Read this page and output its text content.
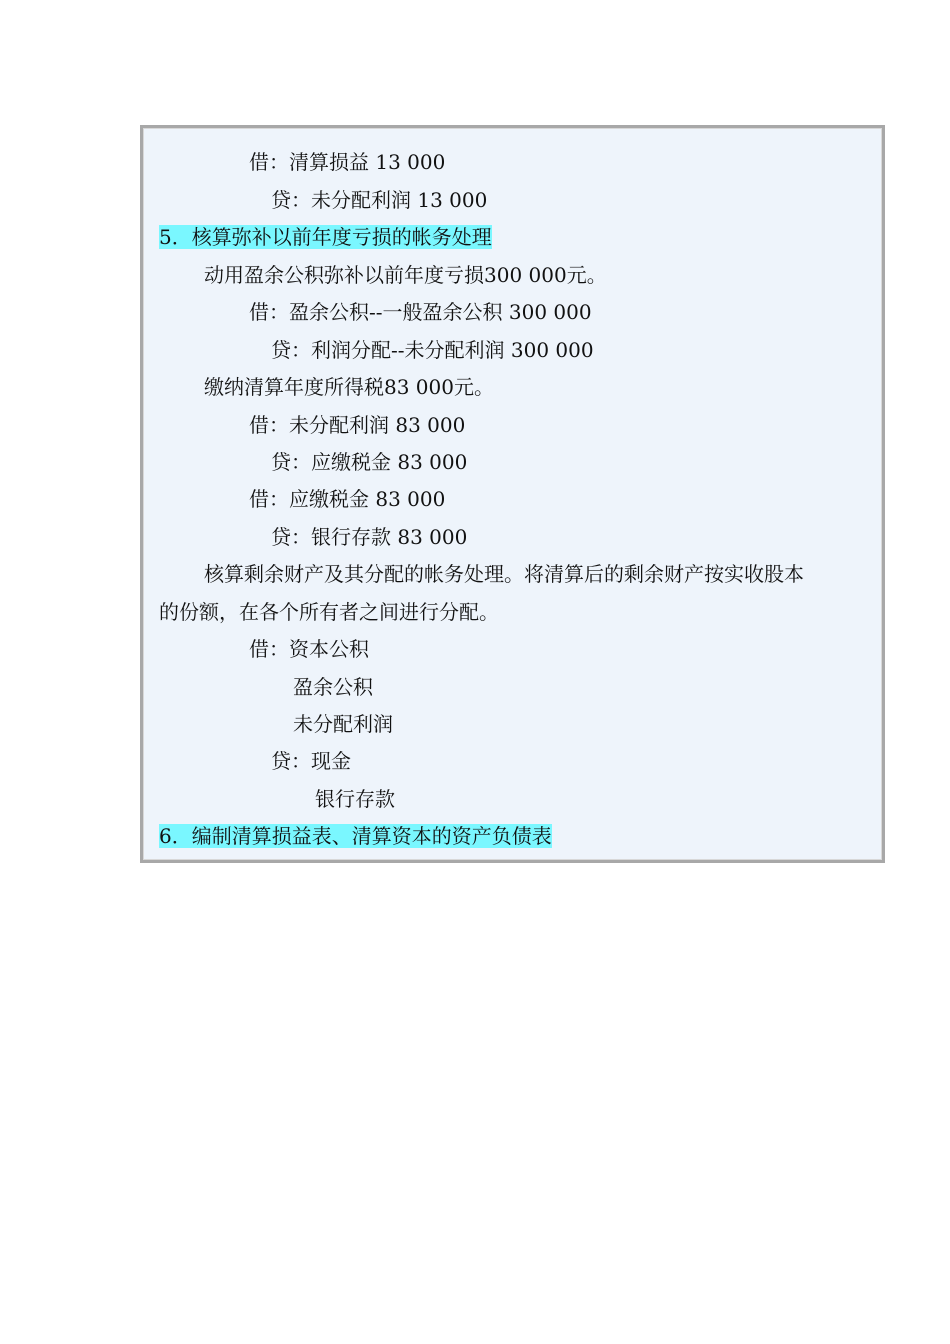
借：清算损益 13 000
贷：未分配利润 13 000
5．核算弥补以前年度亏损的帐务处理
动用盈余公积弥补以前年度亏损300 000元。
借：盈余公积--一般盈余公积 300 000
贷：利润分配--未分配利润 300 000
缴纳清算年度所得税83 000元。
借：未分配利润 83 000
贷：应缴税金 83 000
借：应缴税金 83 000
贷：银行存款 83 000
核算剩余财产及其分配的帐务处理。将清算后的剩余财产按实收股本
的份额，在各个所有者之间进行分配。
借：资本公积
盈余公积
未分配利润
贷：现金
银行存款
6．编制清算损益表、清算资本的资产负债表
